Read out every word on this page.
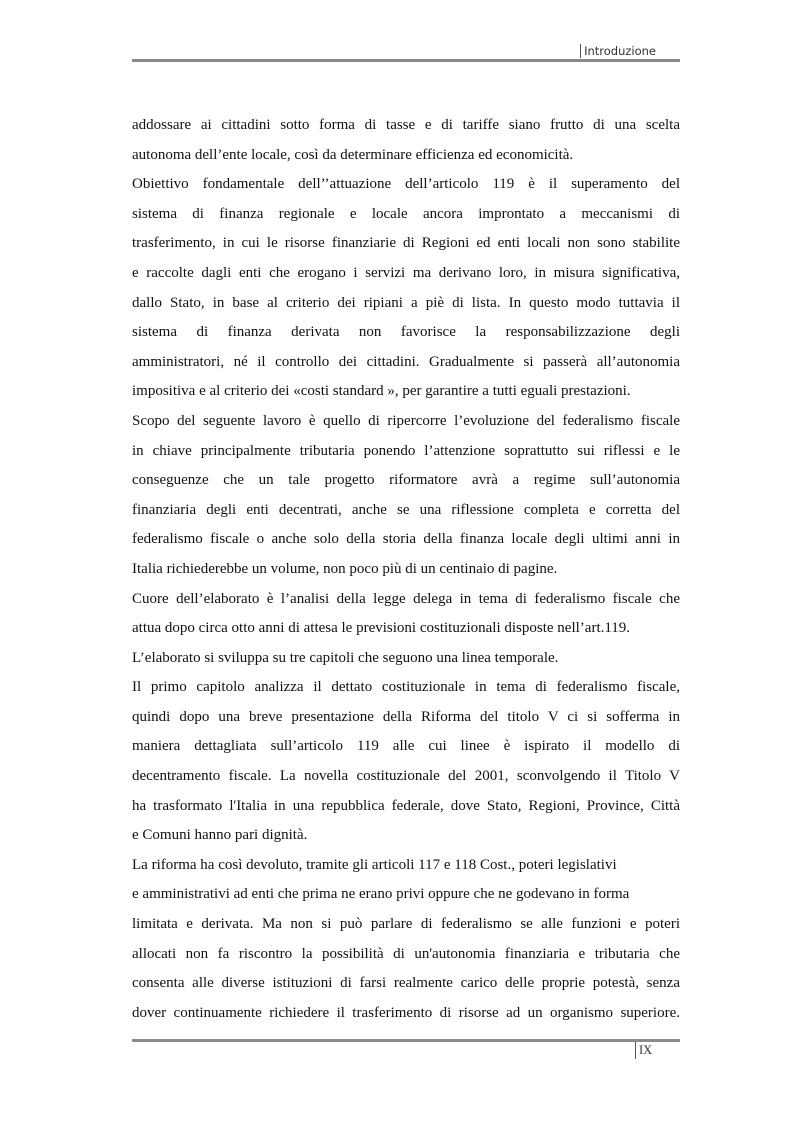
Introduzione
addossare ai cittadini sotto forma di tasse e di tariffe siano frutto di una scelta
autonoma dell’ente locale, così da determinare efficienza ed economicità.
Obiettivo fondamentale dell’’attuazione dell’articolo 119 è il superamento del
sistema di finanza regionale e locale ancora improntato a meccanismi di
trasferimento, in cui le risorse finanziarie di Regioni ed enti locali non sono stabilite
e raccolte dagli enti che erogano i servizi ma derivano loro, in misura significativa,
dallo Stato, in base al criterio dei ripiani a piè di lista. In questo modo tuttavia il
sistema di finanza derivata non favorisce la responsabilizzazione degli
amministratori, né il controllo dei cittadini. Gradualmente si passerà all’autonomia
impositiva e al criterio dei «costi standard », per garantire a tutti eguali prestazioni.
Scopo del seguente lavoro è quello di ripercorre l’evoluzione del federalismo fiscale
in chiave principalmente tributaria ponendo l’attenzione soprattutto sui riflessi e le
conseguenze che un tale progetto riformatore avrà a regime sull’autonomia
finanziaria degli enti decentrati, anche se una riflessione completa e corretta del
federalismo fiscale o anche solo della storia della finanza locale degli ultimi anni in
Italia richiederebbe un volume, non poco più di un centinaio di pagine.
Cuore dell’elaborato è l’analisi della legge delega in tema di federalismo fiscale che
attua dopo circa otto anni di attesa le previsioni costituzionali disposte nell’art.119.
L’elaborato si sviluppa su tre capitoli che seguono una linea temporale.
Il primo capitolo analizza il dettato costituzionale in tema di federalismo fiscale,
quindi dopo una breve presentazione della Riforma del titolo V ci si sofferma in
maniera dettagliata sull’articolo 119 alle cui linee è ispirato il modello di
decentramento fiscale. La novella costituzionale del 2001, sconvolgendo il Titolo V
ha trasformato l'Italia in una repubblica federale, dove Stato, Regioni, Province, Città
e Comuni hanno pari dignità.
La riforma ha così devoluto, tramite gli articoli 117 e 118 Cost., poteri legislativi
e amministrativi ad enti che prima ne erano privi oppure che ne godevano in forma
limitata e derivata. Ma non si può parlare di federalismo se alle funzioni e poteri
allocati non fa riscontro la possibilità di un'autonomia finanziaria e tributaria che
consenta alle diverse istituzioni di farsi realmente carico delle proprie potestà, senza
dover continuamente richiedere il trasferimento di risorse ad un organismo superiore.
IX
